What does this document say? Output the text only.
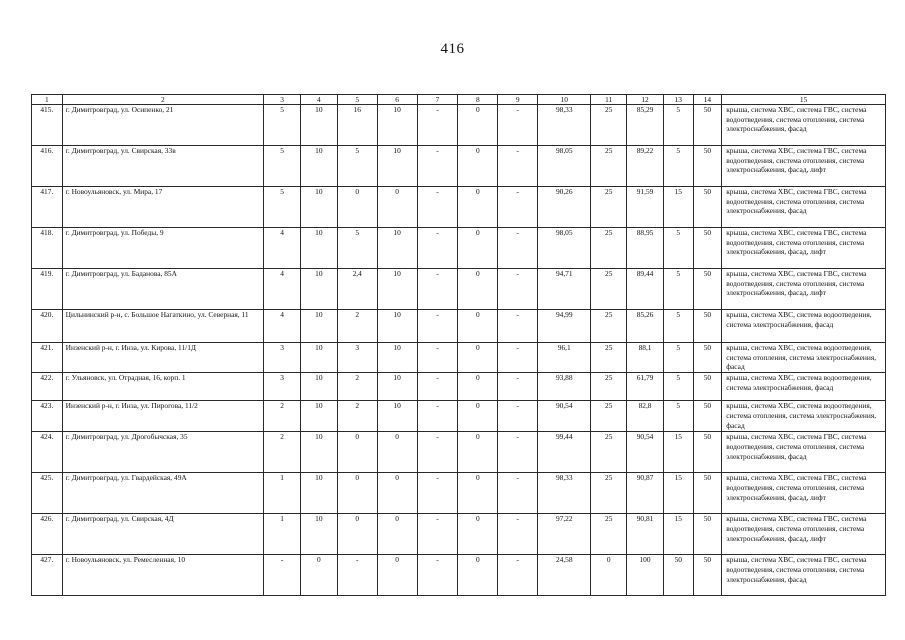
416
1	2	3	4	5	6	7	8	9	10	11	12	13	14	15
415.	г. Димитровград, ул. Осипенко, 21	5	10	16	10	-	0	-	98,33	25	85,29	5	50	крыша, система ХВС, система ГВС, система водоотведения, система отопления, система электроснабжения, фасад
416.	г. Димитровград, ул. Свирская, 33в	5	10	5	10	-	0	-	98,05	25	89,22	5	50	крыша, система ХВС, система ГВС, система водоотведения, система отопления, система электроснабжения, фасад, лифт
417.	г. Новоульяновск, ул. Мира, 17	5	10	0	0	-	0	-	90,26	25	91,59	15	50	крыша, система ХВС, система ГВС, система водоотведения, система отопления, система электроснабжения, фасад
418.	г. Димитровград, ул. Победы, 9	4	10	5	10	-	0	-	98,05	25	88,95	5	50	крыша, система ХВС, система ГВС, система водоотведения, система отопления, система электроснабжения, фасад, лифт
419.	г. Димитровград, ул. Баданова, 85А	4	10	2,4	10	-	0	-	94,71	25	89,44	5	50	крыша, система ХВС, система ГВС, система водоотведения, система отопления, система электроснабжения, фасад, лифт
420.	Цильнинский р-н, с. Большое Нагаткино, ул. Северная, 11	4	10	2	10	-	0	-	94,99	25	85,26	5	50	крыша, система ХВС, система водоотведения, система электроснабжения, фасад
421.	Инзенский р-н, г. Инза, ул. Кирова, 11/1Д	3	10	3	10	-	0	-	96,1	25	88,1	5	50	крыша, система ХВС, система водоотведения, система отопления, система электроснабжения, фасад
422.	г. Ульяновск, ул. Отрадная, 16, корп. 1	3	10	2	10	-	0	-	93,88	25	61,79	5	50	крыша, система ХВС, система водоотведения, система электроснабжения, фасад
423.	Инзенский р-н, г. Инза, ул. Пирогова, 11/2	2	10	2	10	-	0	-	90,54	25	82,8	5	50	крыша, система ХВС, система водоотведения, система отопления, система электроснабжения, фасад
424.	г. Димитровград, ул. Дрогобычская, 35	2	10	0	0	-	0	-	99,44	25	90,54	15	50	крыша, система ХВС, система ГВС, система водоотведения, система отопления, система электроснабжения, фасад
425.	г. Димитровград, ул. Гвардейская, 49А	1	10	0	0	-	0	-	98,33	25	90,87	15	50	крыша, система ХВС, система ГВС, система водоотведения, система отопления, система электроснабжения, фасад, лифт
426.	г. Димитровград, ул. Свирская, 4Д	1	10	0	0	-	0	-	97,22	25	90,81	15	50	крыша, система ХВС, система ГВС, система водоотведения, система отопления, система электроснабжения, фасад, лифт
427.	г. Новоульяновск, ул. Ремесленная, 10	-	0	-	0	-	0	-	24,58	0	100	50	50	крыша, система ХВС, система ГВС, система водоотведения, система отопления, система электроснабжения, фасад
